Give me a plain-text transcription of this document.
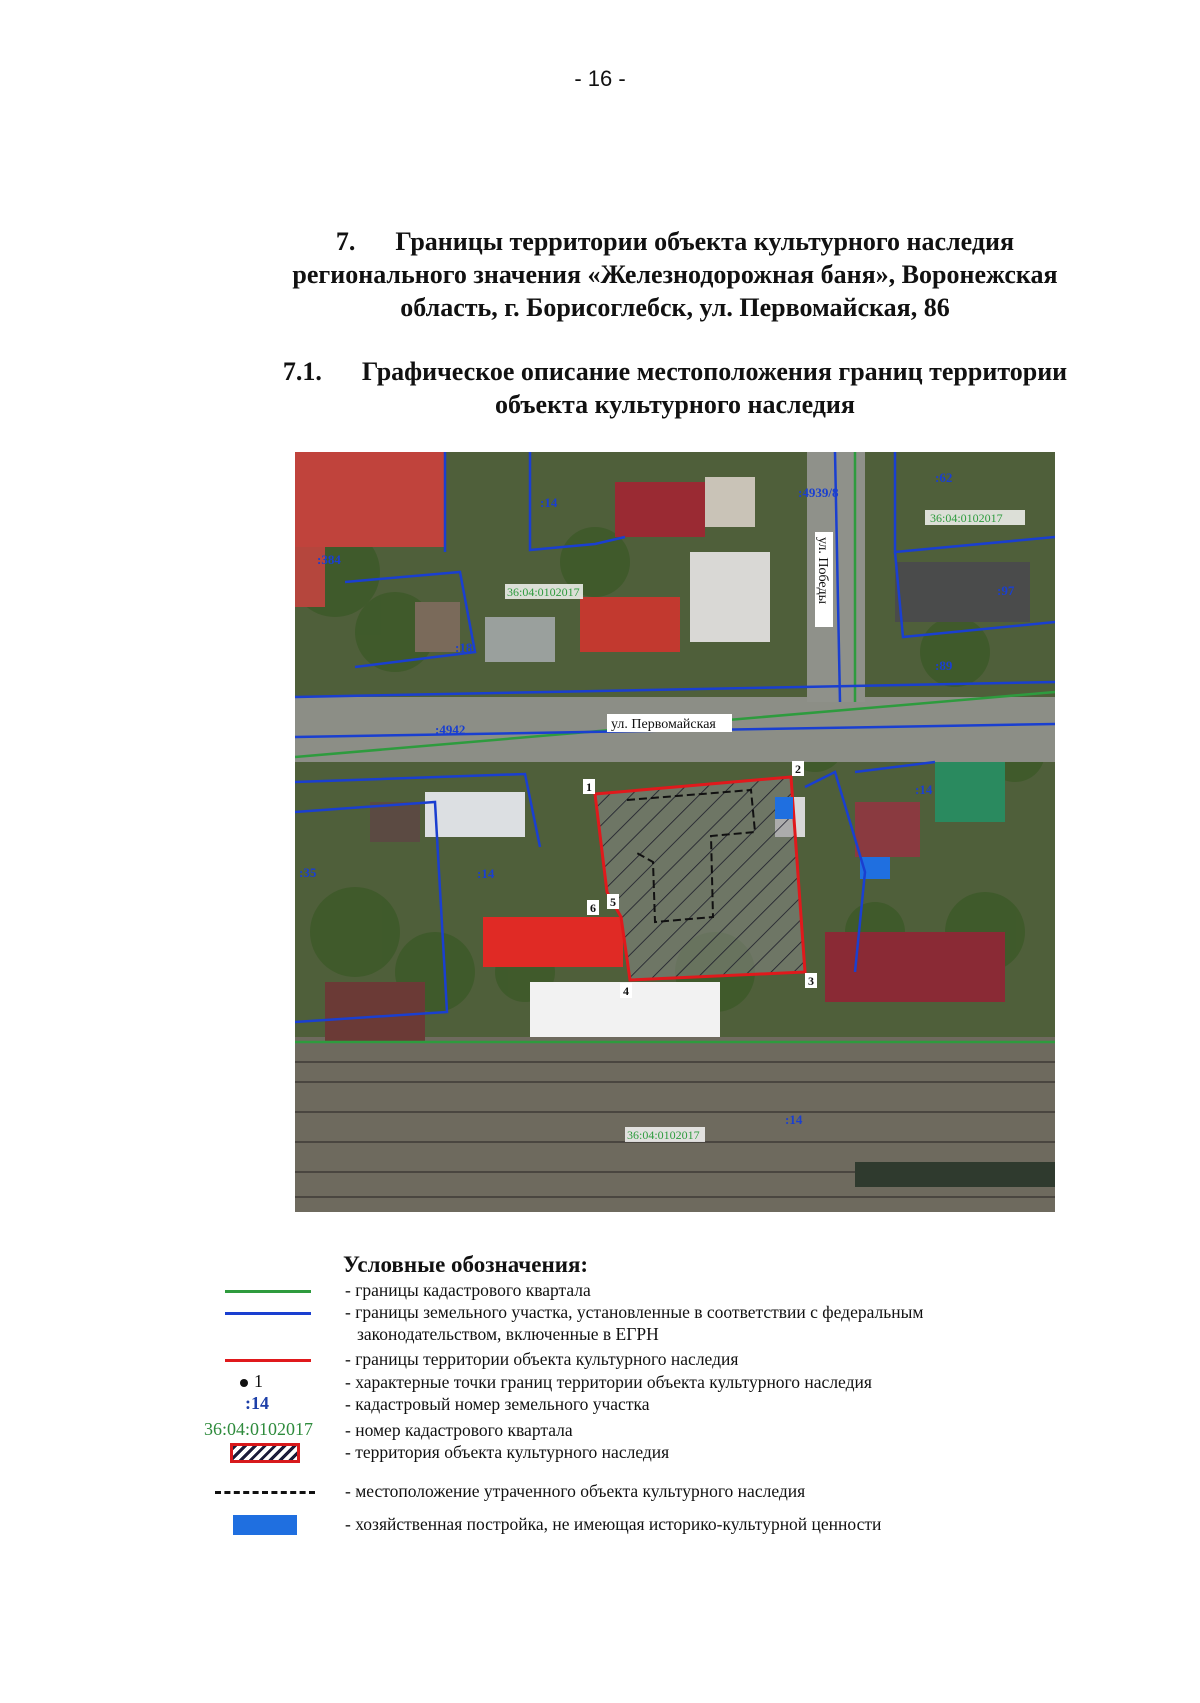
- 16 -
7. Границы территории объекта культурного наследия
регионального значения «Железнодорожная баня», Воронежская
область, г. Борисоглебск, ул. Первомайская, 86
7.1. Графическое описание местоположения границ территории
объекта культурного наследия
:384
:4942
:14
:14
:14
:14
:4939/8
:62
:97
:35
:89
:18
36:04:0102017
36:04:0102017
36:04:0102017
ул. Первомайская
ул. Победы
1
2
3
4
5
6
Условные обозначения:
- границы кадастрового квартала
- границы земельного участка, установленные в соответствии с федеральным
законодательством, включенные в ЕГРН
- границы территории объекта культурного наследия
1	- характерные точки границ территории объекта культурного наследия
:14	- кадастровый номер земельного участка
36:04:0102017 - номер кадастрового квартала
- территория объекта культурного наследия
- местоположение утраченного объекта культурного наследия
- хозяйственная постройка, не имеющая историко-культурной ценности
